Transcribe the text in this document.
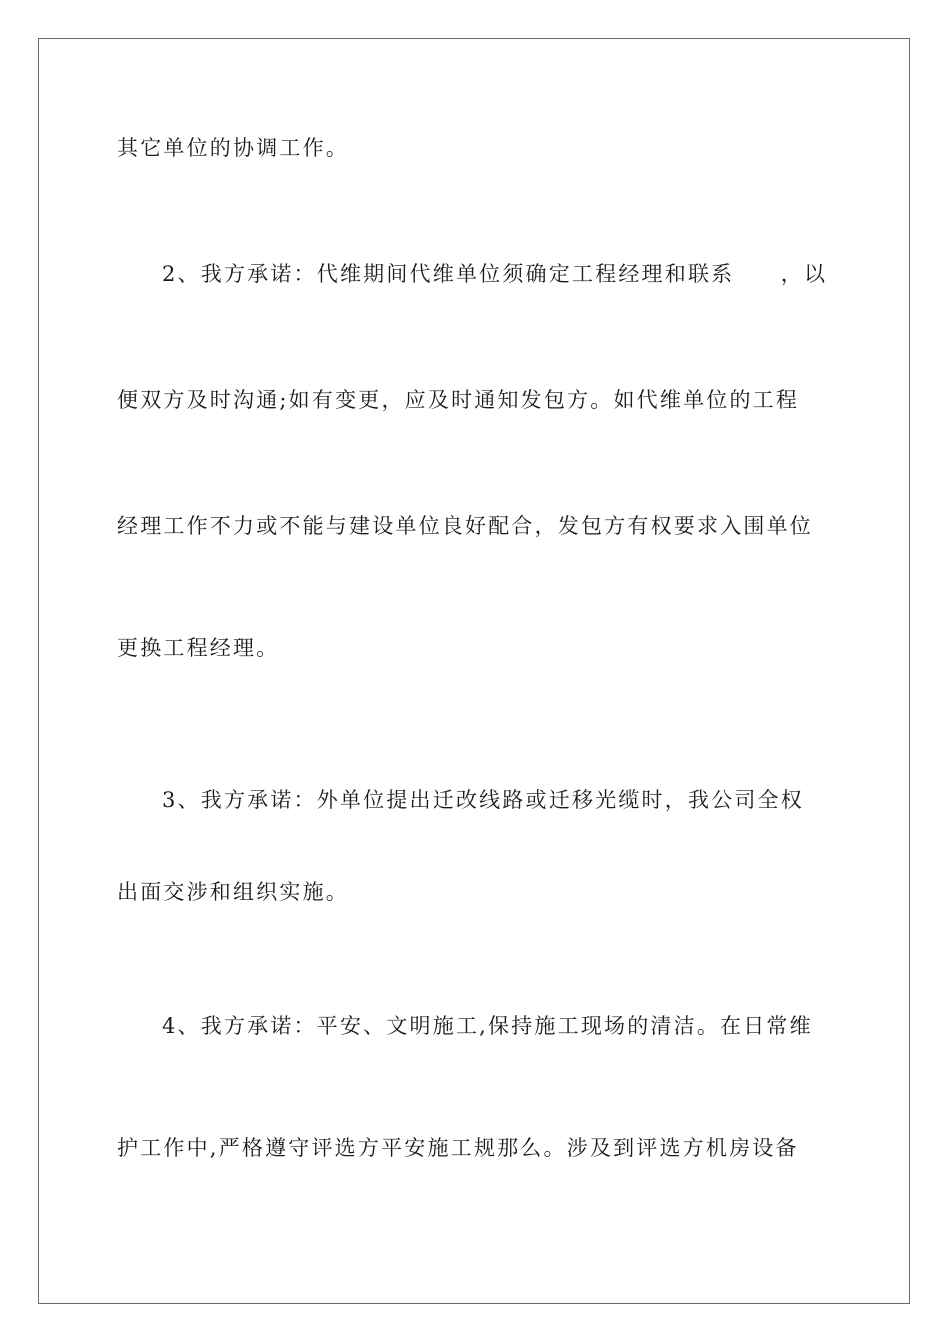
其它单位的协调工作。

2、我方承诺：代维期间代维单位须确定工程经理和联系　　，以

便双方及时沟通;如有变更，应及时通知发包方。如代维单位的工程

经理工作不力或不能与建设单位良好配合，发包方有权要求入围单位

更换工程经理。

3、我方承诺：外单位提出迁改线路或迁移光缆时，我公司全权

出面交涉和组织实施。

4、我方承诺：平安、文明施工,保持施工现场的清洁。在日常维

护工作中,严格遵守评选方平安施工规那么。涉及到评选方机房设备
